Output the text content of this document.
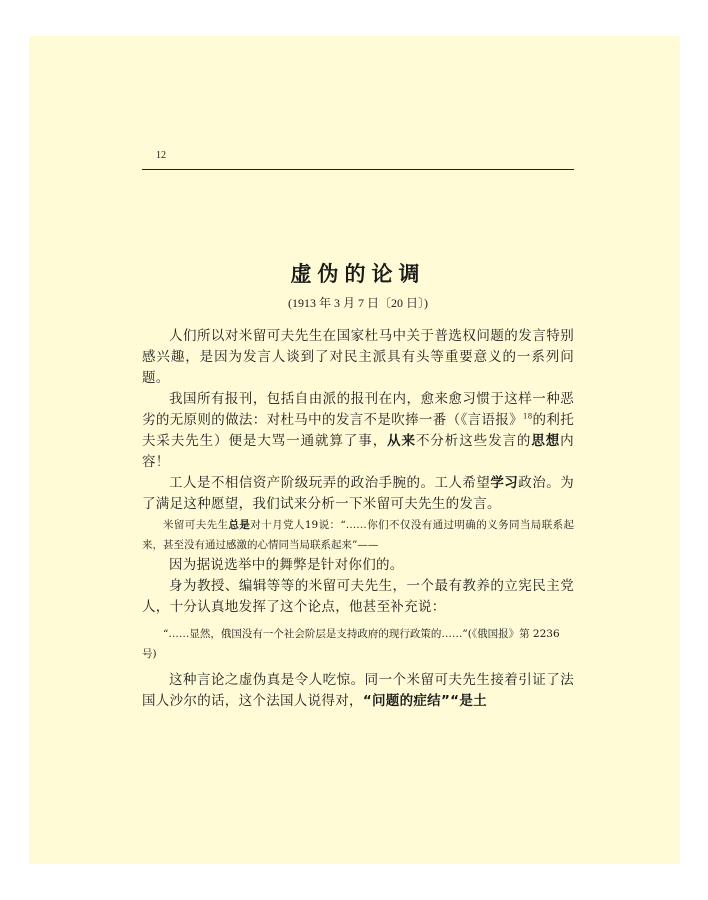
12
虚伪的论调
(1913 年 3 月 7 日〔20 日〕)

人们所以对米留可夫先生在国家杜马中关于普选权问题的发言特别感兴趣，是因为发言人谈到了对民主派具有头等重要意义的一系列问题。

我国所有报刊，包括自由派的报刊在内，愈来愈习惯于这样一种恶劣的无原则的做法：对杜马中的发言不是吹捧一番（《言语报》$^{18}$的利托夫采夫先生）便是大骂一通就算了事，从来不分析这些发言的思想内容！

工人是不相信资产阶级玩弄的政治手腕的。工人希望学习政治。为了满足这种愿望，我们试来分析一下米留可夫先生的发言。

米留可夫先生总是对十月党人19说：“……你们不仅没有通过明确的义务同当局联系起来，甚至没有通过感激的心情同当局联系起来”——

因为据说选举中的舞弊是针对你们的。

身为教授、编辑等等的米留可夫先生，一个最有教养的立宪民主党人，十分认真地发挥了这个论点，他甚至补充说：

“……显然，俄国没有一个社会阶层是支持政府的现行政策的……”(《俄国报》第 2236 号)

这种言论之虚伪真是令人吃惊。同一个米留可夫先生接着引证了法国人沙尔的话，这个法国人说得对，“问题的症结”“是土
